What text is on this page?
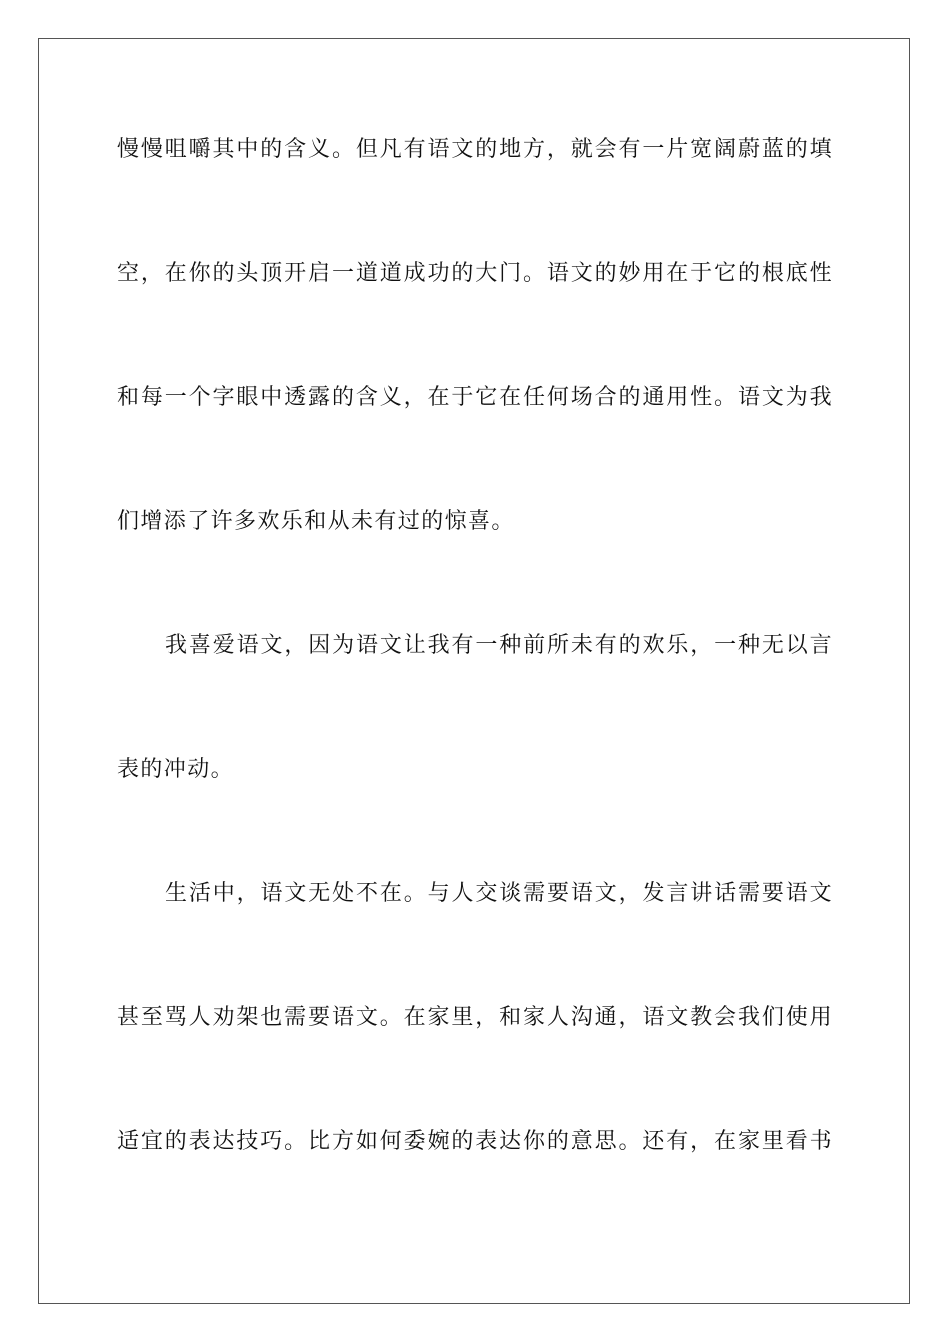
慢慢咀嚼其中的含义。但凡有语文的地方，就会有一片宽阔蔚蓝的填
空，在你的头顶开启一道道成功的大门。语文的妙用在于它的根底性
和每一个字眼中透露的含义，在于它在任何场合的通用性。语文为我
们增添了许多欢乐和从未有过的惊喜。
我喜爱语文，因为语文让我有一种前所未有的欢乐，一种无以言
表的冲动。
生活中，语文无处不在。与人交谈需要语文，发言讲话需要语文
甚至骂人劝架也需要语文。在家里，和家人沟通，语文教会我们使用
适宜的表达技巧。比方如何委婉的表达你的意思。还有，在家里看书
